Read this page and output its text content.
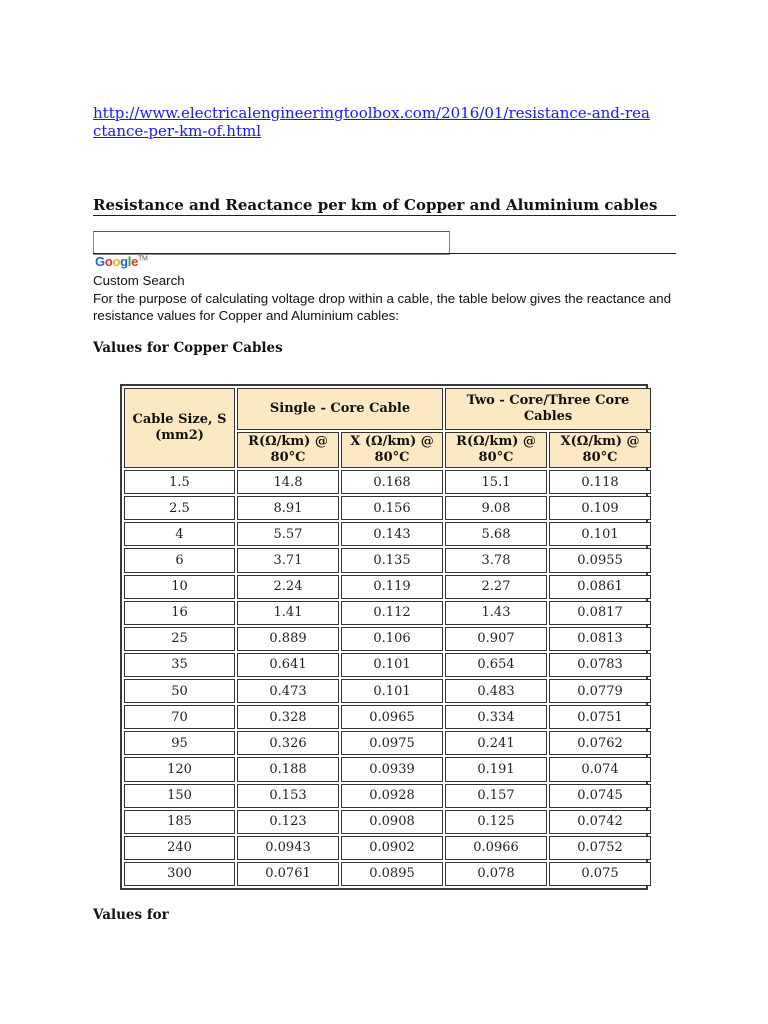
http://www.electricalengineeringtoolbox.com/2016/01/resistance-and-reactance-per-km-of.html
Resistance and Reactance per km of Copper and Aluminium cables
Google™
Custom Search
For the purpose of calculating voltage drop within a cable, the table below gives the reactance and resistance values for Copper and Aluminium cables:
Values for Copper Cables
Cable Size, S (mm2)	Single - Core Cable		Two - Core/Three Core Cables	
	R(Ω/km) @ 80°C	X (Ω/km) @ 80°C	R(Ω/km) @ 80°C	X(Ω/km) @ 80°C
1.5	14.8	0.168	15.1	0.118
2.5	8.91	0.156	9.08	0.109
4	5.57	0.143	5.68	0.101
6	3.71	0.135	3.78	0.0955
10	2.24	0.119	2.27	0.0861
16	1.41	0.112	1.43	0.0817
25	0.889	0.106	0.907	0.0813
35	0.641	0.101	0.654	0.0783
50	0.473	0.101	0.483	0.0779
70	0.328	0.0965	0.334	0.0751
95	0.326	0.0975	0.241	0.0762
120	0.188	0.0939	0.191	0.074
150	0.153	0.0928	0.157	0.0745
185	0.123	0.0908	0.125	0.0742
240	0.0943	0.0902	0.0966	0.0752
300	0.0761	0.0895	0.078	0.075
Values for
